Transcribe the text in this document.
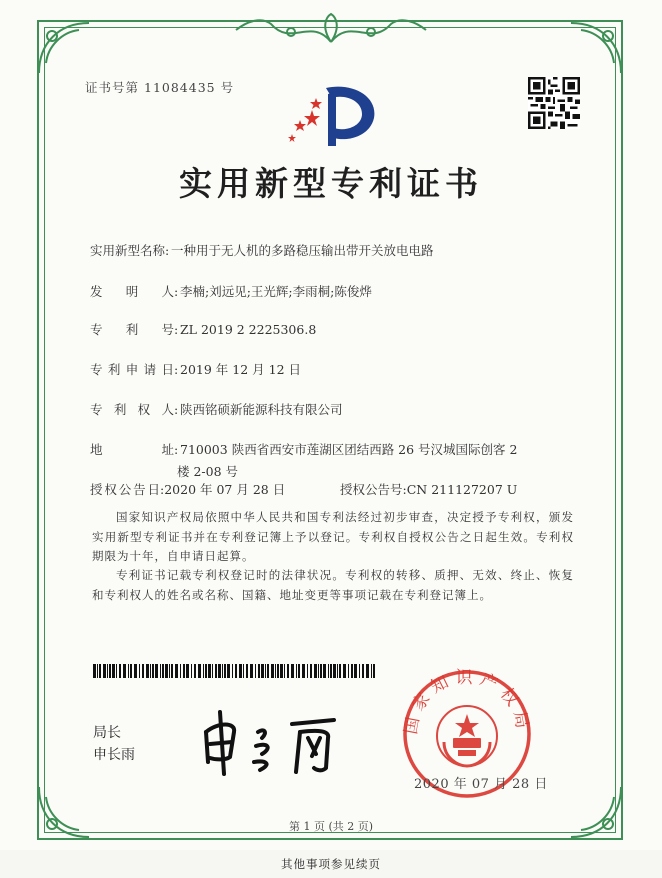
证书号第 11084435 号
实用新型专利证书
实用新型名称: 一种用于无人机的多路稳压输出带开关放电电路
发明人: 李楠;刘远见;王光辉;李雨桐;陈俊烨
专利号: ZL 2019 2 2225306.8
专利申请日: 2019 年 12 月 12 日
专利权人: 陕西铭硕新能源科技有限公司
地址: 710003 陕西省西安市莲湖区团结西路 26 号汉城国际创客 2
楼 2-08 号
授权公告日:2020 年 07 月 28 日	授权公告号:CN 211127207 U
国家知识产权局依照中华人民共和国专利法经过初步审查，决定授予专利权，颁发实用新型专利证书并在专利登记簿上予以登记。专利权自授权公告之日起生效。专利权期限为十年，自申请日起算。
专利证书记载专利权登记时的法律状况。专利权的转移、质押、无效、终止、恢复和专利权人的姓名或名称、国籍、地址变更等事项记载在专利登记簿上。
局长
申长雨
国家知识产权局
2020 年 07 月 28 日
第 1 页 (共 2 页)
其他事项参见续页
